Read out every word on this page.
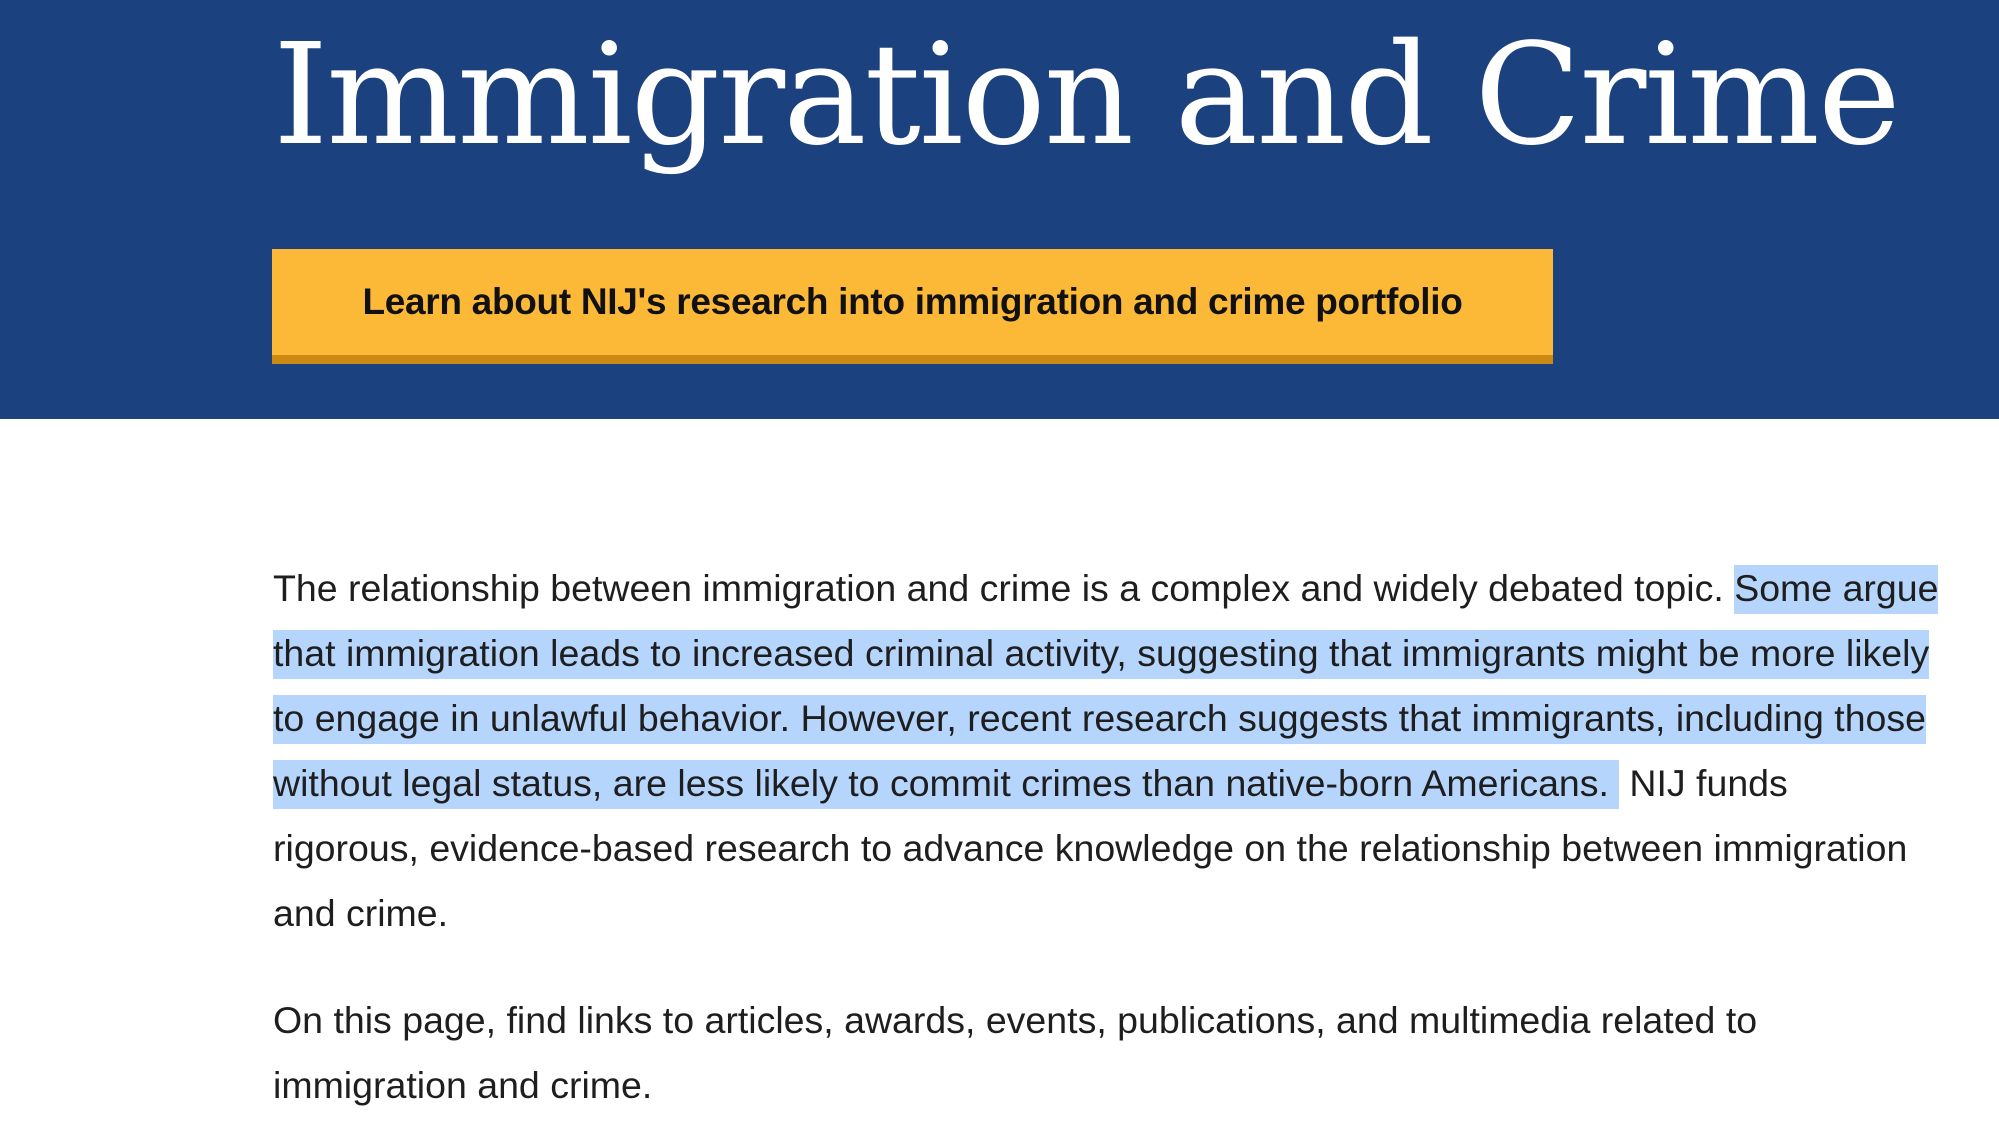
Immigration and Crime
Learn about NIJ's research into immigration and crime portfolio

The relationship between immigration and crime is a complex and widely debated topic. Some argue that immigration leads to increased criminal activity, suggesting that immigrants might be more likely to engage in unlawful behavior. However, recent research suggests that immigrants, including those without legal status, are less likely to commit crimes than native-born Americans. NIJ funds rigorous, evidence-based research to advance knowledge on the relationship between immigration and crime.

On this page, find links to articles, awards, events, publications, and multimedia related to immigration and crime.
